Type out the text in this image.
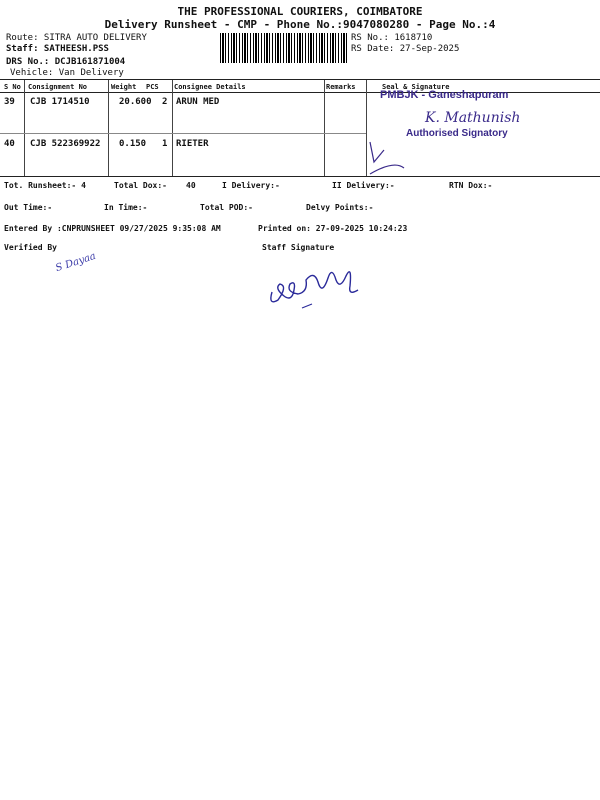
THE PROFESSIONAL COURIERS, COIMBATORE
Delivery Runsheet - CMP - Phone No.:9047080280 - Page No.:4
Route: SITRA AUTO DELIVERY
Staff: SATHEESH.PSS
DRS No.: DCJB161871004
Vehicle: Van Delivery
RS No.: 1618710
RS Date: 27-Sep-2025
S No Consignment No	Weight PCS Consignee Details	Remarks	Seal & Signature
39 CJB 1714510	20.600 2 ARUN MED
40 CJB 522369922 0.150 1 RIETER
PMBJK - Ganeshapuram
K. Mathunish
Authorised Signatory
Tot. Runsheet:- 4	Total Dox:- 40	I Delivery:-	II Delivery:-	RTN Dox:-
Out Time:-	In Time:-	Total POD:-	Delvy Points:-
Entered By :CNPRUNSHEET 09/27/2025 9:35:08 AM	Printed on: 27-09-2025 10:24:23
Verified By	Staff Signature
S Dayaa
